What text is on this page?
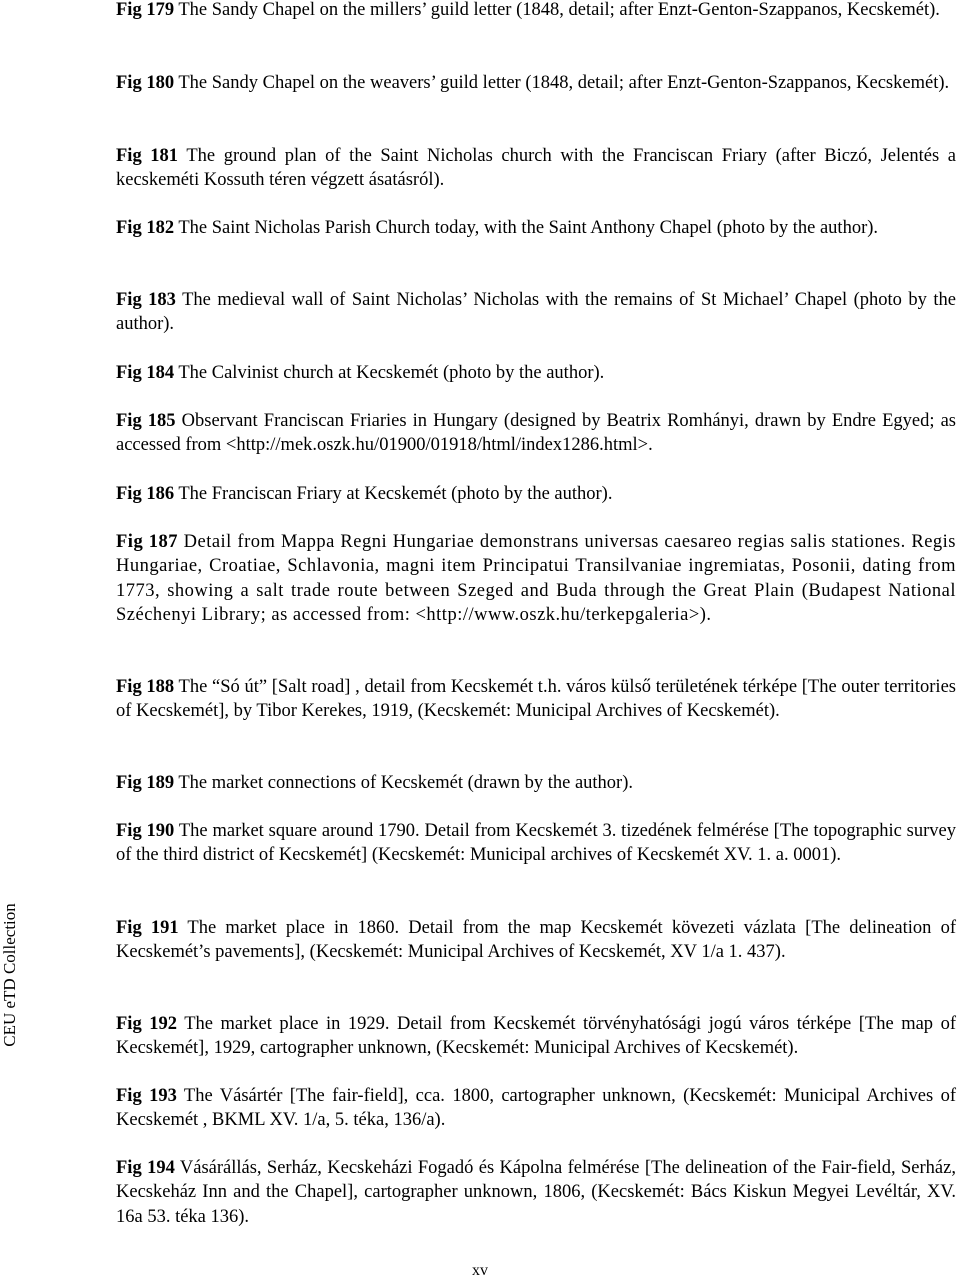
Fig 179 The Sandy Chapel on the millers’ guild letter (1848, detail; after Enzt-Genton-Szappanos, Kecskemét).

Fig 180 The Sandy Chapel on the weavers’ guild letter (1848, detail; after Enzt-Genton-Szappanos, Kecskemét).

Fig 181 The ground plan of the Saint Nicholas church with the Franciscan Friary (after Biczó, Jelentés a kecskeméti Kossuth téren végzett ásatásról).

Fig 182 The Saint Nicholas Parish Church today, with the Saint Anthony Chapel (photo by the author).

Fig 183 The medieval wall of Saint Nicholas’ Nicholas with the remains of St Michael’ Chapel (photo by the author).

Fig 184 The Calvinist church at Kecskemét (photo by the author).

Fig 185 Observant Franciscan Friaries in Hungary (designed by Beatrix Romhányi, drawn by Endre Egyed; as accessed from <http://mek.oszk.hu/01900/01918/html/index1286.html>.

Fig 186 The Franciscan Friary at Kecskemét (photo by the author).

Fig 187 Detail from Mappa Regni Hungariae demonstrans universas caesareo regias salis stationes. Regis Hungariae, Croatiae, Schlavonia, magni item Principatui Transilvaniae ingremiatas, Posonii, dating from 1773, showing a salt trade route between Szeged and Buda through the Great Plain (Budapest National Széchenyi Library; as accessed from: <http://www.oszk.hu/terkepgaleria>).

Fig 188 The “Só út” [Salt road] , detail from Kecskemét t.h. város külső területének térképe [The outer territories of Kecskemét], by Tibor Kerekes, 1919, (Kecskemét: Municipal Archives of Kecskemét).

Fig 189 The market connections of Kecskemét (drawn by the author).

Fig 190 The market square around 1790. Detail from Kecskemét 3. tizedének felmérése [The topographic survey of the third district of Kecskemét] (Kecskemét: Municipal archives of Kecskemét XV. 1. a. 0001).

Fig 191 The market place in 1860. Detail from the map Kecskemét kövezeti vázlata [The delineation of Kecskemét’s pavements], (Kecskemét: Municipal Archives of Kecskemét, XV 1/a 1. 437).

Fig 192 The market place in 1929. Detail from Kecskemét törvényhatósági jogú város térképe [The map of Kecskemét], 1929, cartographer unknown, (Kecskemét: Municipal Archives of Kecskemét).

Fig 193 The Vásártér [The fair-field], cca. 1800, cartographer unknown, (Kecskemét: Municipal Archives of Kecskemét , BKML XV. 1/a, 5. téka, 136/a).

Fig 194 Vásárállás, Serház, Kecskeházi Fogadó és Kápolna felmérése [The delineation of the Fair-field, Serház, Kecskeház Inn and the Chapel], cartographer unknown, 1806, (Kecskemét: Bács Kiskun Megyei Levéltár, XV. 16a 53. téka 136).

CEU eTD Collection
xv
